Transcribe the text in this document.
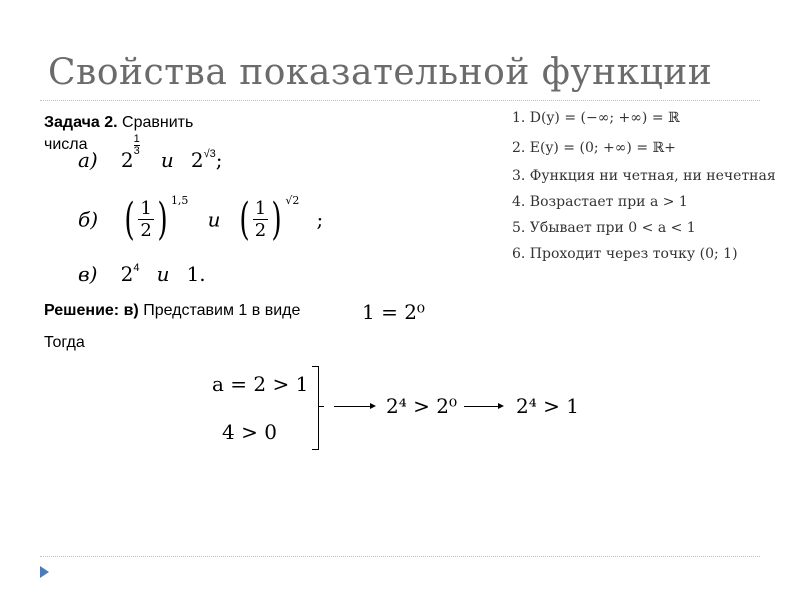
Свойства показательной функции
Задача 2. Сравнить
числа
а) 2
$\frac{1}{3}$
и $2^{√3}$;
б) ( $\frac{1}{2}$ ) $^{1,5}$  и ( $\frac{1}{2}$ ) $^{√2}$  ;
в) $2^4$ и 1.
1. D(y) = (−∞; +∞) = ℝ
2. E(y) = (0; +∞) = ℝ+
3. Функция ни четная, ни нечетная
4. Возрастает при a > 1
5. Убывает при 0 < a < 1
6. Проходит через точку (0; 1)
Решение: в) Представим 1 в виде	1 = 2⁰
Тогда
a = 2 > 1
4 > 0
2⁴ > 2⁰	2⁴ > 1
